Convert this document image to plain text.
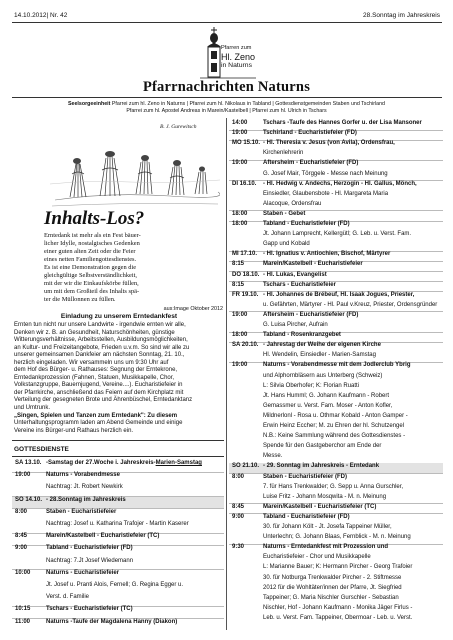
14.10.2012| Nr. 42	28.Sonntag im Jahreskreis
Pfarren zum
Hl. Zeno
in Naturns
Pfarrnachrichten Naturns
Seelsorgeeinheit Pfarrei zum hl. Zeno in Naturns | Pfarrei zum hl. Nikolaus in Tabland | Gottesdienstgemeinden Staben und Tschirland
Pfarrei zum hl. Apostel Andreas in Marein/Kastelbell | Pfarrei zum hl. Ulrich in Tschars
B. J. Gurewitsch
Inhalts-Los?
Erntedank ist mehr als ein Fest bäuer-
licher Idylle, nostalgisches Gedenken
einer guten alten Zeit oder die Feier
eines netten Familiengottesdienstes.
Es ist eine Demonstration gegen die
gleichgültige Selbstverständlichkeit,
mit der wir die Einkaufskörbe füllen,
um mit dem Großteil des Inhalts spä-
ter die Müllonnen zu füllen.
aus:Image Oktober 2012
Einladung zu unserem Erntedankfest
Ernten tun nicht nur unsere Landwirte - irgendwie ernten wir alle,
Denken wir z. B. an Gesundheit, Naturschönheiten, günstige
Witterungsverhältnisse, Arbeitsstellen, Ausbildungsmöglichkeiten,
an Kultur- und Freizeitangebote, Frieden u.v.m. So sind wir alle zu
unserer gemeinsamen Dankfeier am nächsten Sonntag, 21. 10.,
herzlich eingeladen. Wir versammeln uns um 9:30 Uhr auf
dem Hof des Bürger- u. Rathauses: Segnung der Erntekrone,
Erntedankprozession (Fahnen, Statuen, Musikkapelle, Chor,
Volkstanzgruppe, Bauernjugend, Vereine....). Eucharistiefeier in
der Pfarrkirche, anschließend das Feiern auf dem Kirchplatz mit
Verteilung der gesegneten Brote und Ährenbüschel, Erntedanktanz
und Umtrunk.
„Singen, Spielen und Tanzen zum Erntedank": Zu diesem
Unterhaltungsprogramm laden am Abend Gemeinde und einige
Vereine ins Bürger-und Rathaus herzlich ein.
GOTTESDIENSTE
SA 13.10. -Samstag der 27.Woche i. Jahreskreis-Marien-Samstag
19:00	Naturns - Vorabendmesse
Nachtrag: Jt. Robert Newkirk
SO 14.10. - 28.Sonntag im Jahreskreis
8:00	Staben - Eucharistiefeier
Nachtrag: Josef u. Katharina Trafojer - Martin Kaserer
8:45	Marein/Kastelbell - Eucharistiefeier (TC)
9:00	Tabland - Eucharistiefeier (FD)
Nachtrag: 7.Jt Josef Wiedemann
10:00	Naturns - Eucharistiefeier
Jt. Josef u. Pranti Alois, Fernell; G. Regina Egger u.
Verst. d. Familie
10:15	Tschars - Eucharistiefeier (TC)
11:00	Naturns -Taufe der Magdalena Hanny (Diakon)
14:00	Tschars -Taufe des Hannes Gorfer u. der Lisa Mansoner
19:00	Tschirland - Eucharistiefeier (FD)
MO 15.10. - Hl. Theresia v. Jesus (von Avila), Ordensfrau,
Kirchenlehrerin
19:00	Aftersheim - Eucharistiefeier (FD)
G. Josef Mair, Törggele - Messe nach Meinung
DI 16.10. - Hl. Hedwig v. Andechs, Herzogin - Hl. Gallus, Mönch,
Einsiedler, Glaubensbote - Hl. Margareta Maria
Alacoque, Ordensfrau
18:00	Staben - Gebet
18:00	Tabland - Eucharistiefeier (FD)
Jt. Johann Lamprecht, Kellergütl; G. Leb. u. Verst. Fam.
Gapp und Kobald
MI 17.10. - Hl. Ignatius v. Antiochien, Bischof, Märtyrer
8:15	Marein/Kastelbell - Eucharistiefeier
DO 18.10. - Hl. Lukas, Evangelist
8:15	Tschars - Eucharistiefeier
FR 19.10. - Hl. Johannes de Brébeuf, Hl. Isaak Jogues, Priester,
u. Gefährten, Märtyrer - Hl. Paul v.Kreuz, Priester, Ordensgründer
19:00	Aftersheim - Eucharistiefeier (FD)
G. Luisa Pircher, Aufrain
18:00	Tabland - Rosenkranzgebet
SA 20.10. - Jahrestag der Weihe der eigenen Kirche
Hl. Wendelin, Einsiedler - Marien-Samstag
19:00	Naturns - Vorabendmesse mit dem Jodlerclub Ybrig
und Alphornbläsern aus Unterberg (Schweiz)
L: Silvia Oberhofer; K: Florian Ruatti
Jt. Hans Humml; G. Johann Kaufmann - Robert
Gemassmer u. Verst. Fam. Moser - Anton Kofler,
Mildnerlonl - Rosa u. Othmar Kobald - Anton Gamper -
Erwin Heinz Eccher; M. zu Ehren der hl. Schutzengel
N.B.: Keine Sammlung während des Gottesdienstes -
Spende für den Gastgeberchor am Ende der
Messe.
SO 21.10. - 29. Sonntag im Jahreskreis - Erntedank
8:00	Staben - Eucharistiefeier (FD)
7. für Hans Trenkwalder; G. Sepp u. Anna Gurschler,
Luise Fritz - Johann Mosqwita - M. n. Meinung
8:45	Marein/Kastelbell - Eucharistiefeier (TC)
9:00	Tabland - Eucharistiefeier (FD)
30. für Johann Költ - Jt. Josefa Tappeiner Müller,
Unterlechn; G. Johann Blaas, Fernblick - M. n. Meinung
9:30	Naturns - Erntedankfest mit Prozession und
Eucharistiefeier - Chor und Musikkapelle
L: Marianne Bauer; K: Hermann Pircher - Georg Trafoier
30. für Notburga Trenkwalder Pircher - 2. Stiftmesse
2012 für die Wohltäter/innen der Pfarre, Jt. Siegfried
Tappeiner; G. Maria Nischler Gurschler - Sebastian
Nischler, Hof - Johann Kaufmann - Monika Jäger Firlus -
Leb. u. Verst. Fam. Tappeiner, Obermoar - Leb. u. Verst.
